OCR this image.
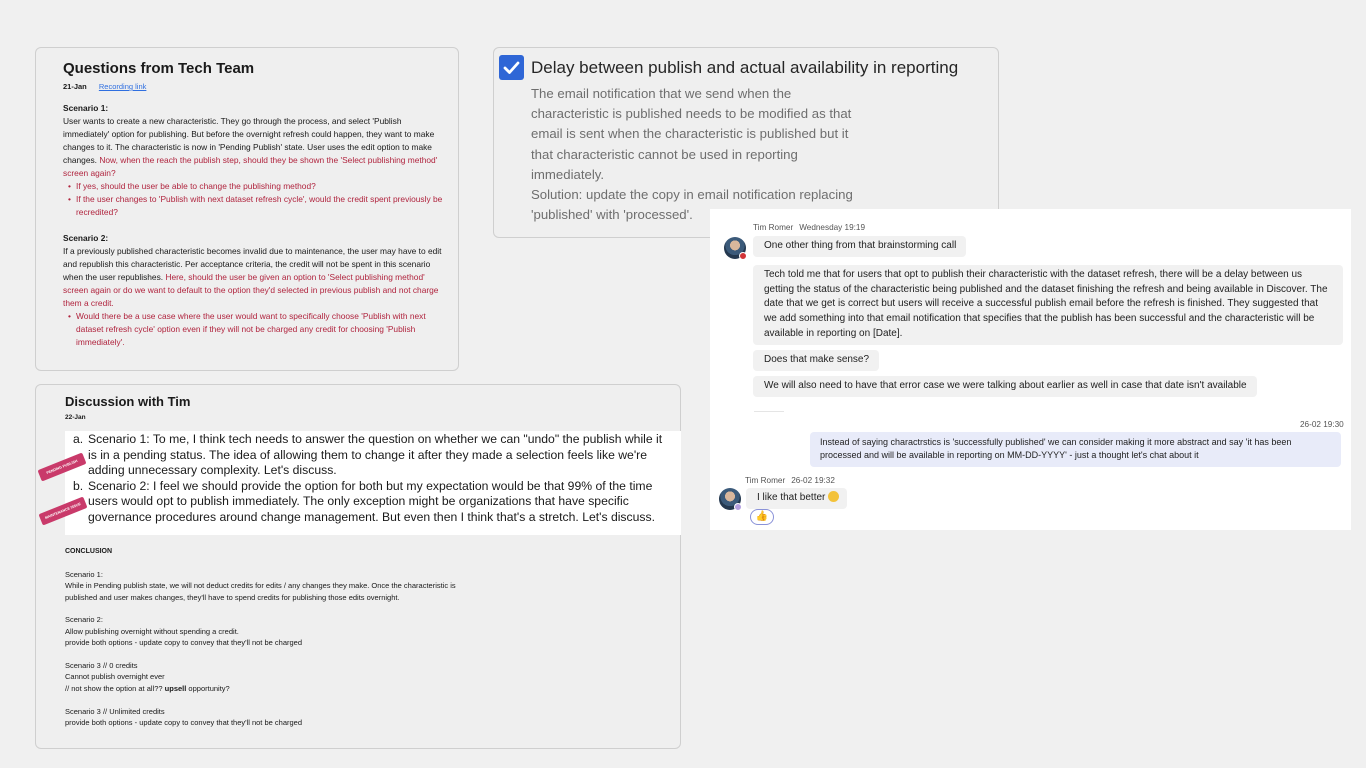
Questions from Tech Team
21-Jan Recording link
Scenario 1:
User wants to create a new characteristic. They go through the process, and select 'Publish immediately' option for publishing. But before the overnight refresh could happen, they want to make changes to it. The characteristic is now in 'Pending Publish' state. User uses the edit option to make changes. Now, when the reach the publish step, should they be shown the 'Select publishing method' screen again?
• If yes, should the user be able to change the publishing method?
• If the user changes to 'Publish with next dataset refresh cycle', would the credit spent previously be recredited?
Scenario 2:
If a previously published characteristic becomes invalid due to maintenance, the user may have to edit and republish this characteristic. Per acceptance criteria, the credit will not be spent in this scenario when the user republishes. Here, should the user be given an option to 'Select publishing method' screen again or do we want to default to the option they'd selected in previous publish and not charge them a credit.
• Would there be a use case where the user would want to specifically choose 'Publish with next dataset refresh cycle' option even if they will not be charged any credit for choosing 'Publish immediately'.
Delay between publish and actual availability in reporting
The email notification that we send when the
characteristic is published needs to be modified as that
email is sent when the characteristic is published but it
that characteristic cannot be used in reporting
immediately.
Solution: update the copy in email notification replacing
'published' with 'processed'.
Tim Romer Wednesday 19:19
One other thing from that brainstorming call
Tech told me that for users that opt to publish their characteristic with the dataset refresh, there will be a delay between us getting the status of the characteristic being published and the dataset finishing the refresh and being available in Discover. The date that we get is correct but users will receive a successful publish email before the refresh is finished. They suggested that we add something into that email notification that specifies that the publish has been successful and the characteristic will be available in reporting on [Date].
Does that make sense?
We will also need to have that error case we were talking about earlier as well in case that date isn't available
26-02 19:30
Instead of saying charactrstics is 'successfully published' we can consider making it more abstract and say 'it has been processed and will be available in reporting on MM-DD-YYYY' - just a thought let's chat about it
Tim Romer 26-02 19:32
I like that better
👍
Discussion with Tim
22-Jan
a. Scenario 1: To me, I think tech needs to answer the question on whether we can "undo" the publish while it is in a pending status. The idea of allowing them to change it after they made a selection feels like we're adding unnecessary complexity. Let's discuss.
b. Scenario 2: I feel we should provide the option for both but my expectation would be that 99% of the time users would opt to publish immediately. The only exception might be organizations that have specific governance procedures around change management. But even then I think that's a stretch. Let's discuss.
PENDING PUBLISH
MAINTENANCE ISSUE
CONCLUSION
Scenario 1:
While in Pending publish state, we will not deduct credits for edits / any changes they make. Once the characteristic is
published and user makes changes, they'll have to spend credits for publishing those edits overnight.
Scenario 2:
Allow publishing overnight without spending a credit.
provide both options - update copy to convey that they'll not be charged
Scenario 3 // 0 credits
Cannot publish overnight ever
// not show the option at all?? upsell opportunity?
Scenario 3 // Unlimited credits
provide both options - update copy to convey that they'll not be charged
